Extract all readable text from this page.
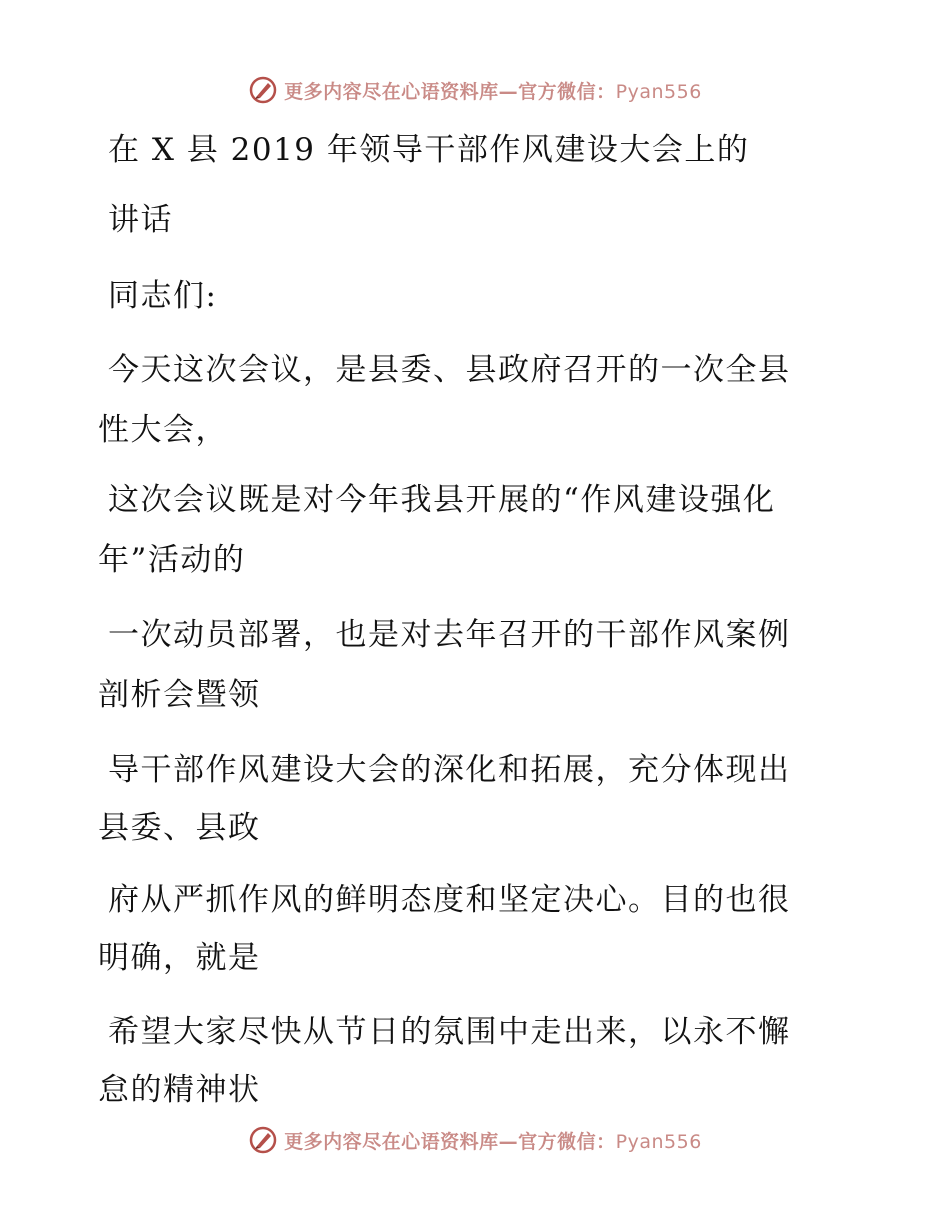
更多内容尽在心语资料库—官方微信：Pyan556
在 X 县 2019 年领导干部作风建设大会上的
讲话
同志们:
今天这次会议，是县委、县政府召开的一次全县
性大会，
这次会议既是对今年我县开展的“作风建设强化
年”活动的
一次动员部署，也是对去年召开的干部作风案例
剖析会暨领
导干部作风建设大会的深化和拓展，充分体现出
县委、县政
府从严抓作风的鲜明态度和坚定决心。目的也很
明确，就是
希望大家尽快从节日的氛围中走出来，以永不懈
怠的精神状
更多内容尽在心语资料库—官方微信：Pyan556
